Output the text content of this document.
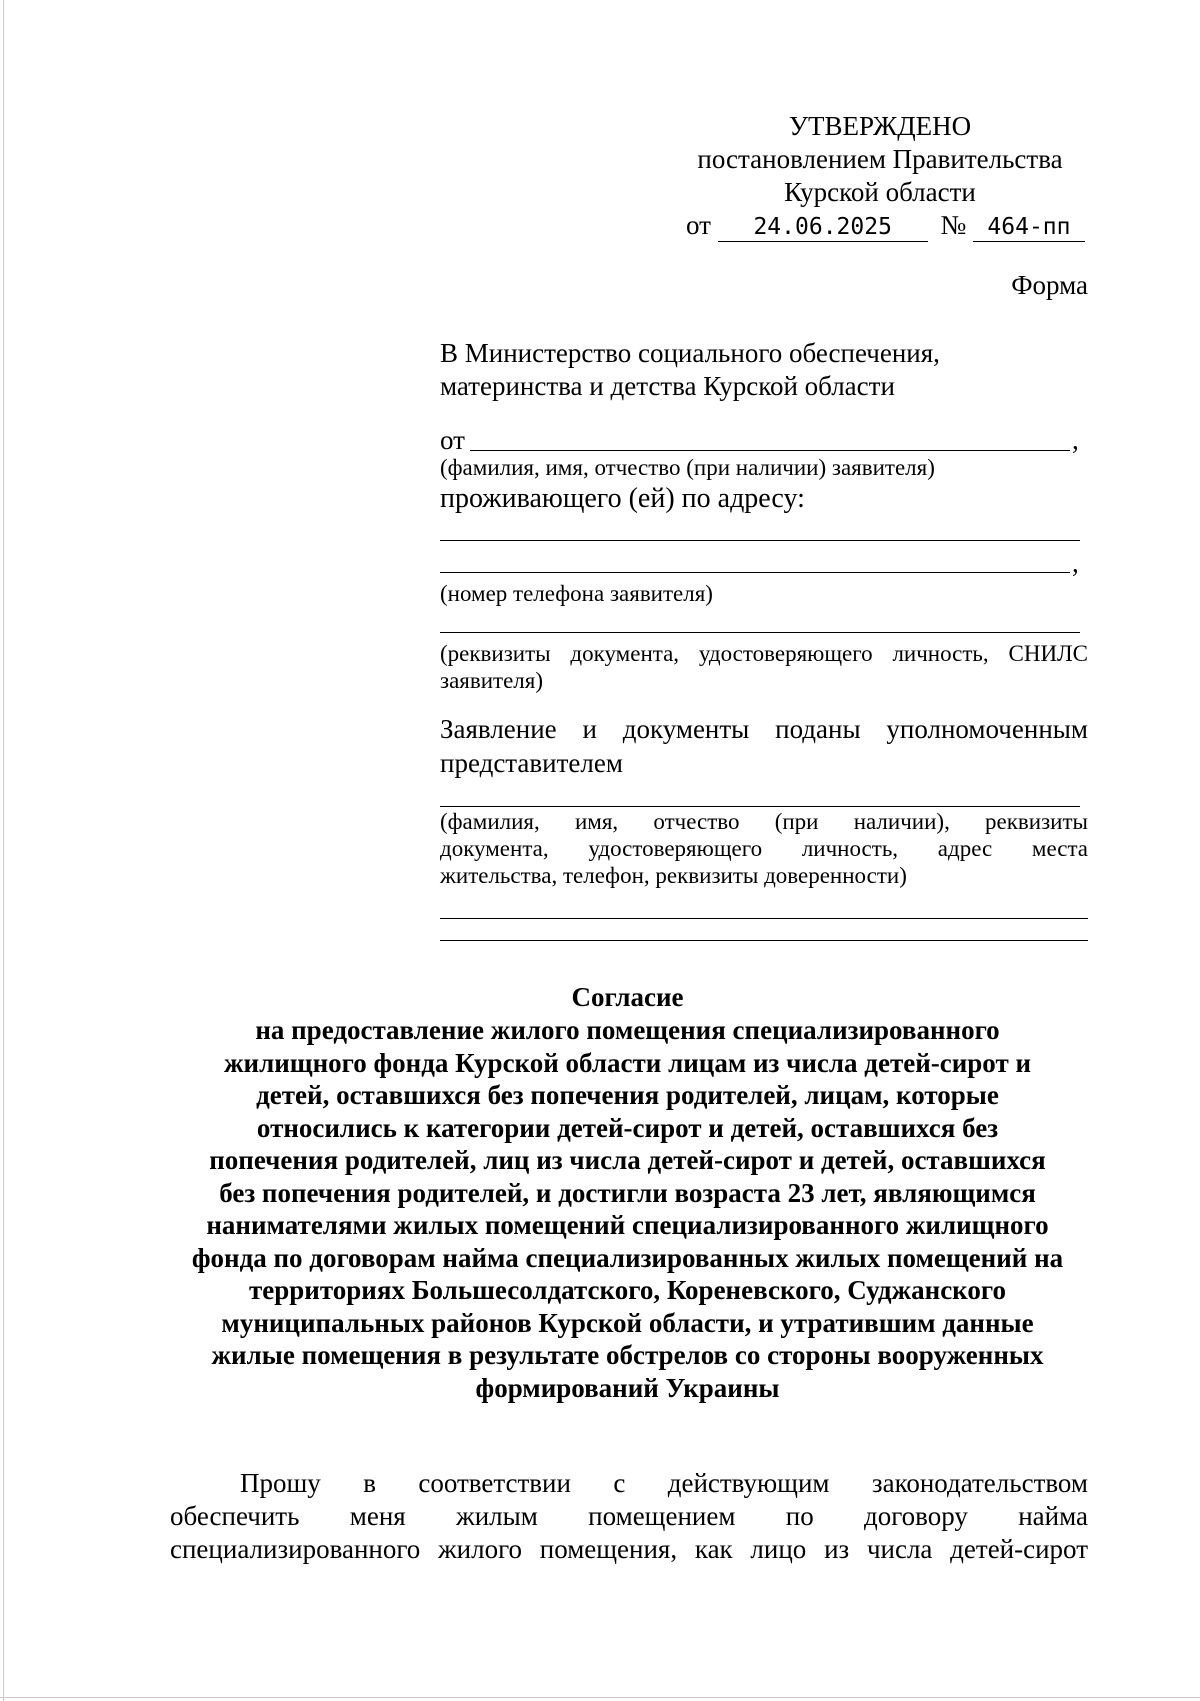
УТВЕРЖДЕНО
постановлением Правительства
Курской области
от 24.06.2025 № 464-пп
Форма
В Министерство социального обеспечения,
материнства и детства Курской области
от	,
(фамилия, имя, отчество (при наличии) заявителя)
проживающего (ей) по адресу:
,
(номер телефона заявителя)
(реквизиты документа, удостоверяющего личность, СНИЛС
заявителя)
Заявление и документы поданы уполномоченным
представителем
(фамилия, имя, отчество (при наличии), реквизиты
документа, удостоверяющего личность, адрес места
жительства, телефон, реквизиты доверенности)
Согласие
на предоставление жилого помещения специализированного
жилищного фонда Курской области лицам из числа детей-сирот и
детей, оставшихся без попечения родителей, лицам, которые
относились к категории детей-сирот и детей, оставшихся без
попечения родителей, лиц из числа детей-сирот и детей, оставшихся
без попечения родителей, и достигли возраста 23 лет, являющимся
нанимателями жилых помещений специализированного жилищного
фонда по договорам найма специализированных жилых помещений на
территориях Большесолдатского, Кореневского, Суджанского
муниципальных районов Курской области, и утратившим данные
жилые помещения в результате обстрелов со стороны вооруженных
формирований Украины
Прошу в соответствии с действующим законодательством
обеспечить меня жилым помещением по договору найма
специализированного жилого помещения, как лицо из числа детей-сирот
